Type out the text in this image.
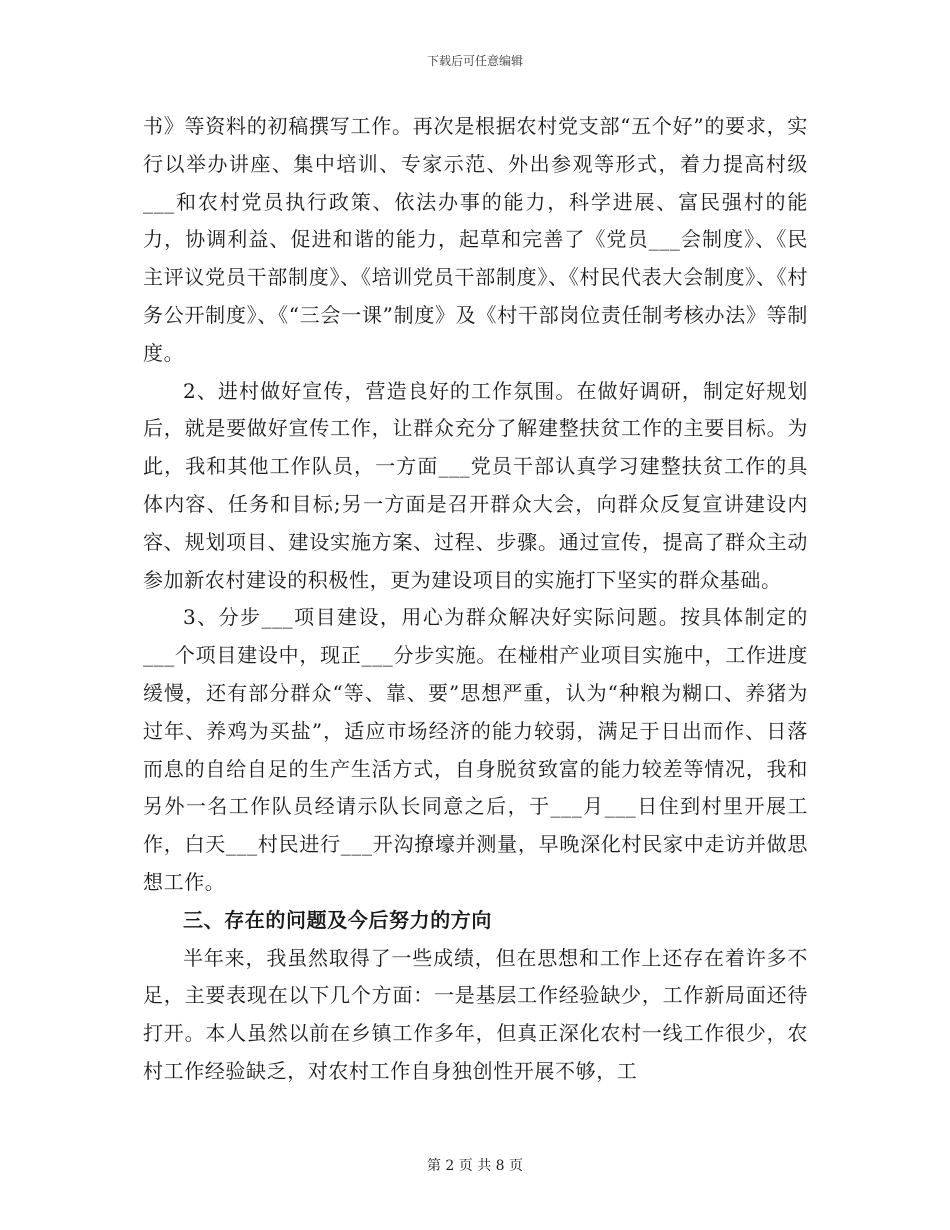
下载后可任意编辑

书》等资料的初稿撰写工作。再次是根据农村党支部“五个好”的要求，实行以举办讲座、集中培训、专家示范、外出参观等形式，着力提高村级___和农村党员执行政策、依法办事的能力，科学进展、富民强村的能力，协调利益、促进和谐的能力，起草和完善了《党员___会制度》、《民主评议党员干部制度》、《培训党员干部制度》、《村民代表大会制度》、《村务公开制度》、《“三会一课”制度》及《村干部岗位责任制考核办法》等制度。

2、进村做好宣传，营造良好的工作氛围。在做好调研，制定好规划后，就是要做好宣传工作，让群众充分了解建整扶贫工作的主要目标。为此，我和其他工作队员，一方面___党员干部认真学习建整扶贫工作的具体内容、任务和目标;另一方面是召开群众大会，向群众反复宣讲建设内容、规划项目、建设实施方案、过程、步骤。通过宣传，提高了群众主动参加新农村建设的积极性，更为建设项目的实施打下坚实的群众基础。

3、分步___项目建设，用心为群众解决好实际问题。按具体制定的___个项目建设中，现正___分步实施。在椪柑产业项目实施中，工作进度缓慢，还有部分群众“等、靠、要”思想严重，认为“种粮为糊口、养猪为过年、养鸡为买盐”，适应市场经济的能力较弱，满足于日出而作、日落而息的自给自足的生产生活方式，自身脱贫致富的能力较差等情况，我和另外一名工作队员经请示队长同意之后，于___月___日住到村里开展工作，白天___村民进行___开沟撩壕并测量，早晚深化村民家中走访并做思想工作。

三、存在的问题及今后努力的方向

半年来，我虽然取得了一些成绩，但在思想和工作上还存在着许多不足，主要表现在以下几个方面：一是基层工作经验缺少，工作新局面还待打开。本人虽然以前在乡镇工作多年，但真正深化农村一线工作很少，农村工作经验缺乏，对农村工作自身独创性开展不够，工

第 2 页 共 8 页
